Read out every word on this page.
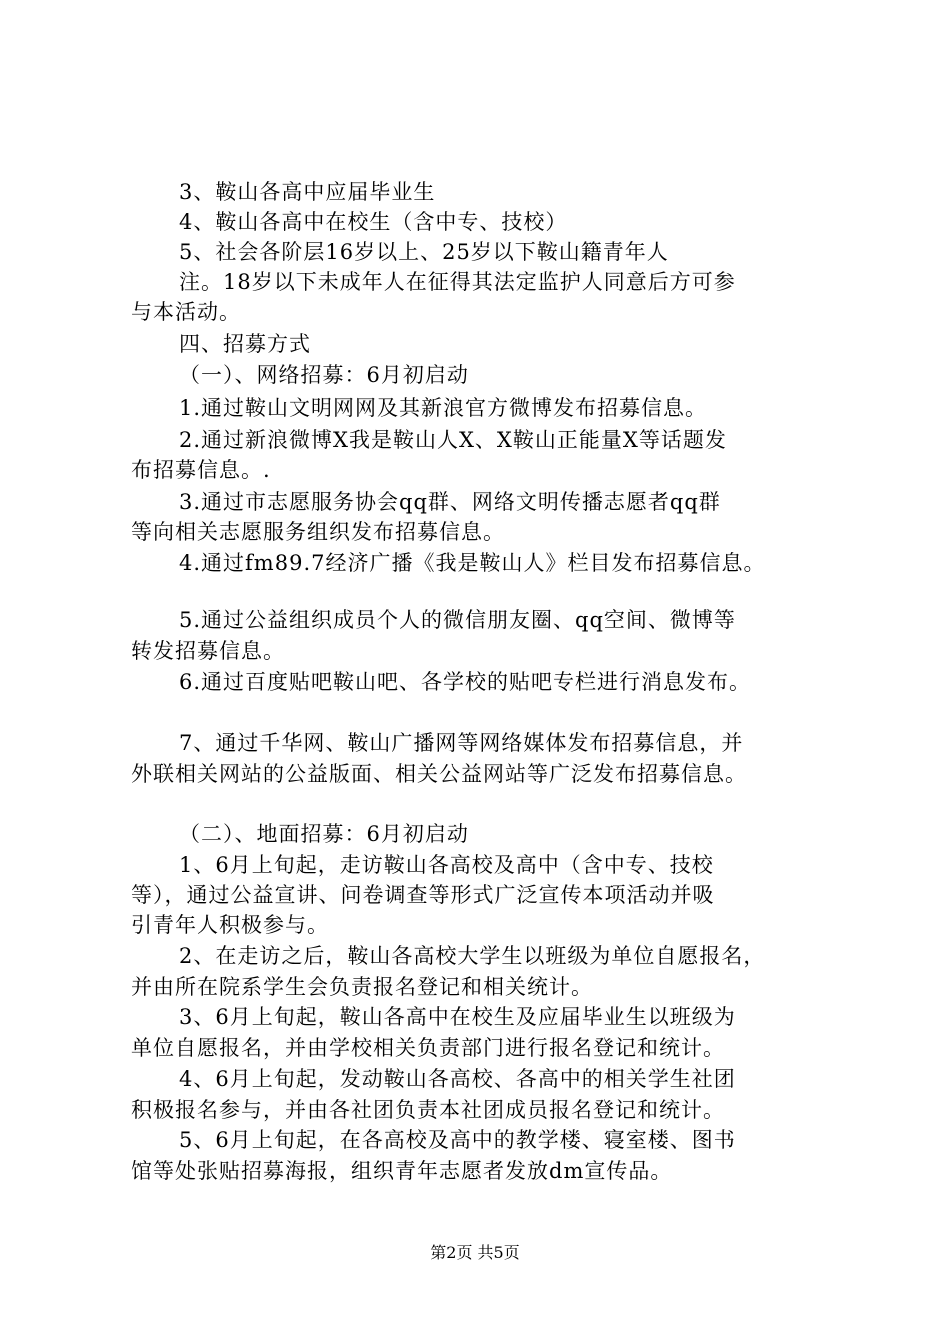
3、鞍山各高中应届毕业生
4、鞍山各高中在校生（含中专、技校）
5、社会各阶层16岁以上、25岁以下鞍山籍青年人
注。18岁以下未成年人在征得其法定监护人同意后方可参
与本活动。
四、招募方式
（一）、网络招募：6月初启动
1.通过鞍山文明网网及其新浪官方微博发布招募信息。
2.通过新浪微博X我是鞍山人X、X鞍山正能量X等话题发
布招募信息。.
3.通过市志愿服务协会qq群、网络文明传播志愿者qq群
等向相关志愿服务组织发布招募信息。
4.通过fm89.7经济广播《我是鞍山人》栏目发布招募信息。
5.通过公益组织成员个人的微信朋友圈、qq空间、微博等
转发招募信息。
6.通过百度贴吧鞍山吧、各学校的贴吧专栏进行消息发布。
7、通过千华网、鞍山广播网等网络媒体发布招募信息，并
外联相关网站的公益版面、相关公益网站等广泛发布招募信息。
（二）、地面招募：6月初启动
1、6月上旬起，走访鞍山各高校及高中（含中专、技校
等），通过公益宣讲、问卷调查等形式广泛宣传本项活动并吸
引青年人积极参与。
2、在走访之后，鞍山各高校大学生以班级为单位自愿报名，
并由所在院系学生会负责报名登记和相关统计。
3、6月上旬起，鞍山各高中在校生及应届毕业生以班级为
单位自愿报名，并由学校相关负责部门进行报名登记和统计。
4、6月上旬起，发动鞍山各高校、各高中的相关学生社团
积极报名参与，并由各社团负责本社团成员报名登记和统计。
5、6月上旬起，在各高校及高中的教学楼、寝室楼、图书
馆等处张贴招募海报，组织青年志愿者发放dm宣传品。
第2页 共5页
